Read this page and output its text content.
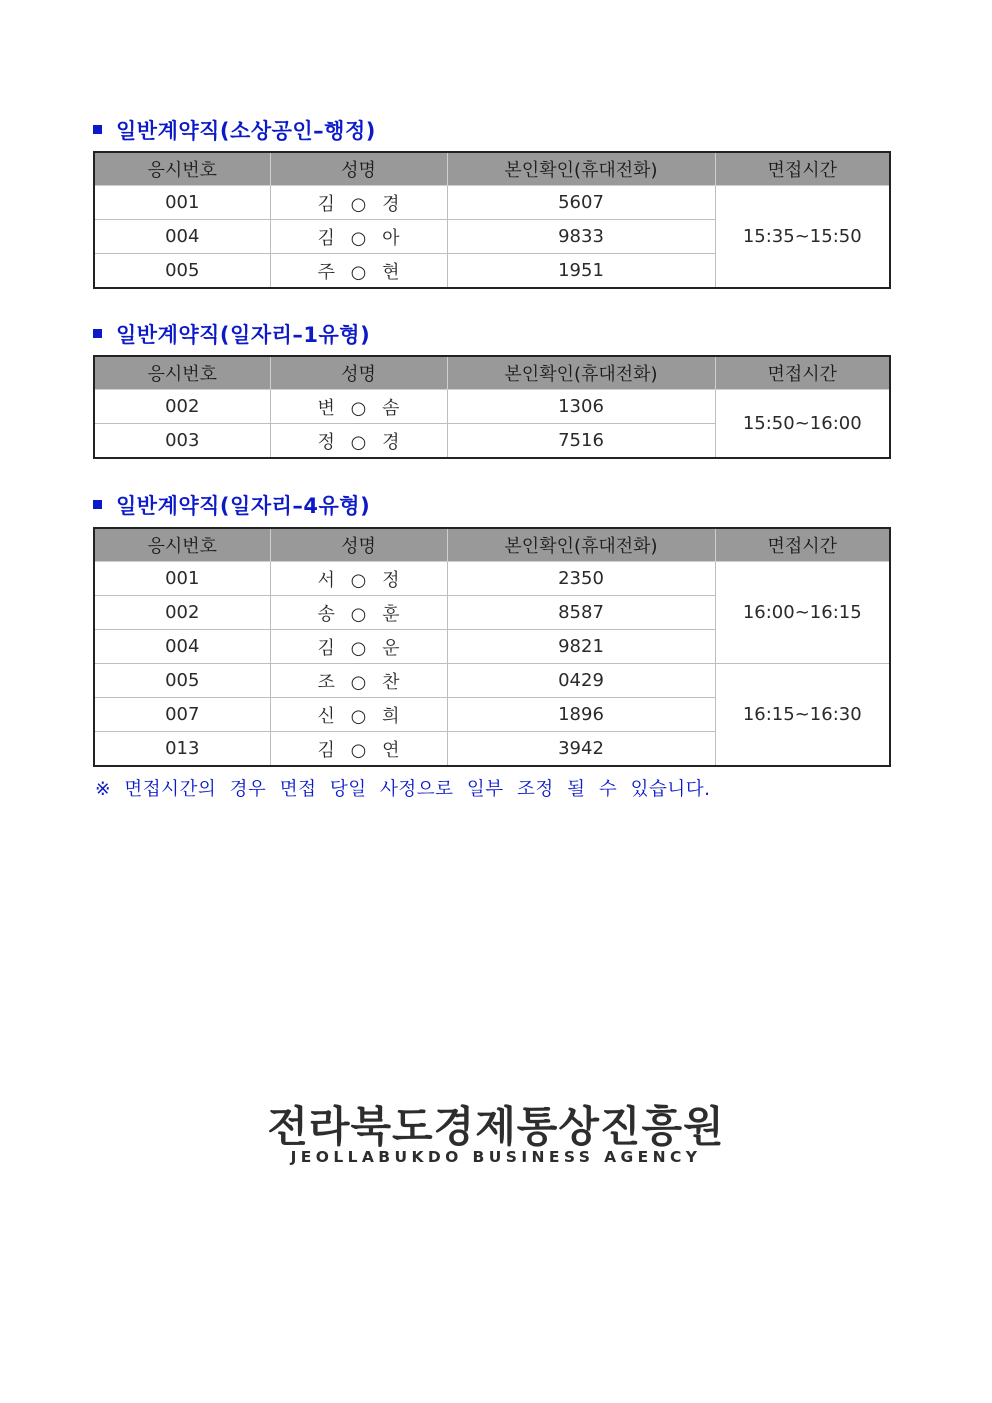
일반계약직(소상공인–행정)
응시번호	성명	본인확인(휴대전화)	면접시간
001	김 ○ 경	5607	15:35~15:50
004	김 ○ 아	9833	
005	주 ○ 현	1951	
일반계약직(일자리–1유형)
응시번호	성명	본인확인(휴대전화)	면접시간
002	변 ○ 솜	1306	15:50~16:00
003	정 ○ 경	7516	
일반계약직(일자리–4유형)
응시번호	성명	본인확인(휴대전화)	면접시간
001	서 ○ 정	2350	16:00~16:15
002	송 ○ 훈	8587	
004	김 ○ 운	9821	
005	조 ○ 찬	0429	16:15~16:30
007	신 ○ 희	1896	
013	김 ○ 연	3942	
※ 면접시간의 경우 면접 당일 사정으로 일부 조정 될 수 있습니다.
전라북도경제통상진흥원
JEOLLABUKDO BUSINESS AGENCY
